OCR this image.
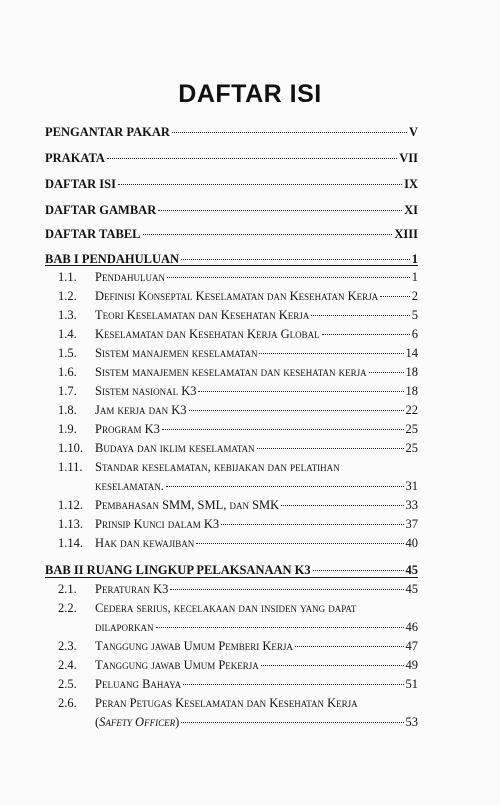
DAFTAR ISI
PENGANTAR PAKAR	V
PRAKATA	VII
DAFTAR ISI	IX
DAFTAR GAMBAR	XI
DAFTAR TABEL	XIII
BAB I PENDAHULUAN	1
1.1.	Pendahuluan	1
1.2.	Definisi Konseptal Keselamatan dan Kesehatan Kerja	2
1.3.	Teori Keselamatan dan Kesehatan Kerja	5
1.4.	Keselamatan dan Kesehatan Kerja Global	6
1.5.	Sistem manajemen keselamatan	14
1.6.	Sistem manajemen keselamatan dan kesehatan kerja	18
1.7.	Sistem nasional K3	18
1.8.	Jam kerja dan K3	22
1.9.	Program K3	25
1.10. Budaya dan iklim keselamatan	25
1.11. Standar keselamatan, kebijakan dan pelatihan
keselamatan.	31
1.12. Pembahasan SMM, SML, dan SMK	33
1.13. Prinsip Kunci dalam K3	37
1.14. Hak dan kewajiban	40
BAB II RUANG LINGKUP PELAKSANAAN K3	45
2.1.	Peraturan K3	45
2.2.	Cedera serius, kecelakaan dan insiden yang dapat
dilaporkan	46
2.3.	Tanggung jawab Umum Pemberi Kerja	47
2.4.	Tanggung jawab Umum Pekerja	49
2.5.	Peluang Bahaya	51
2.6.	Peran Petugas Keselamatan dan Kesehatan Kerja
( Safety Officer )	53
